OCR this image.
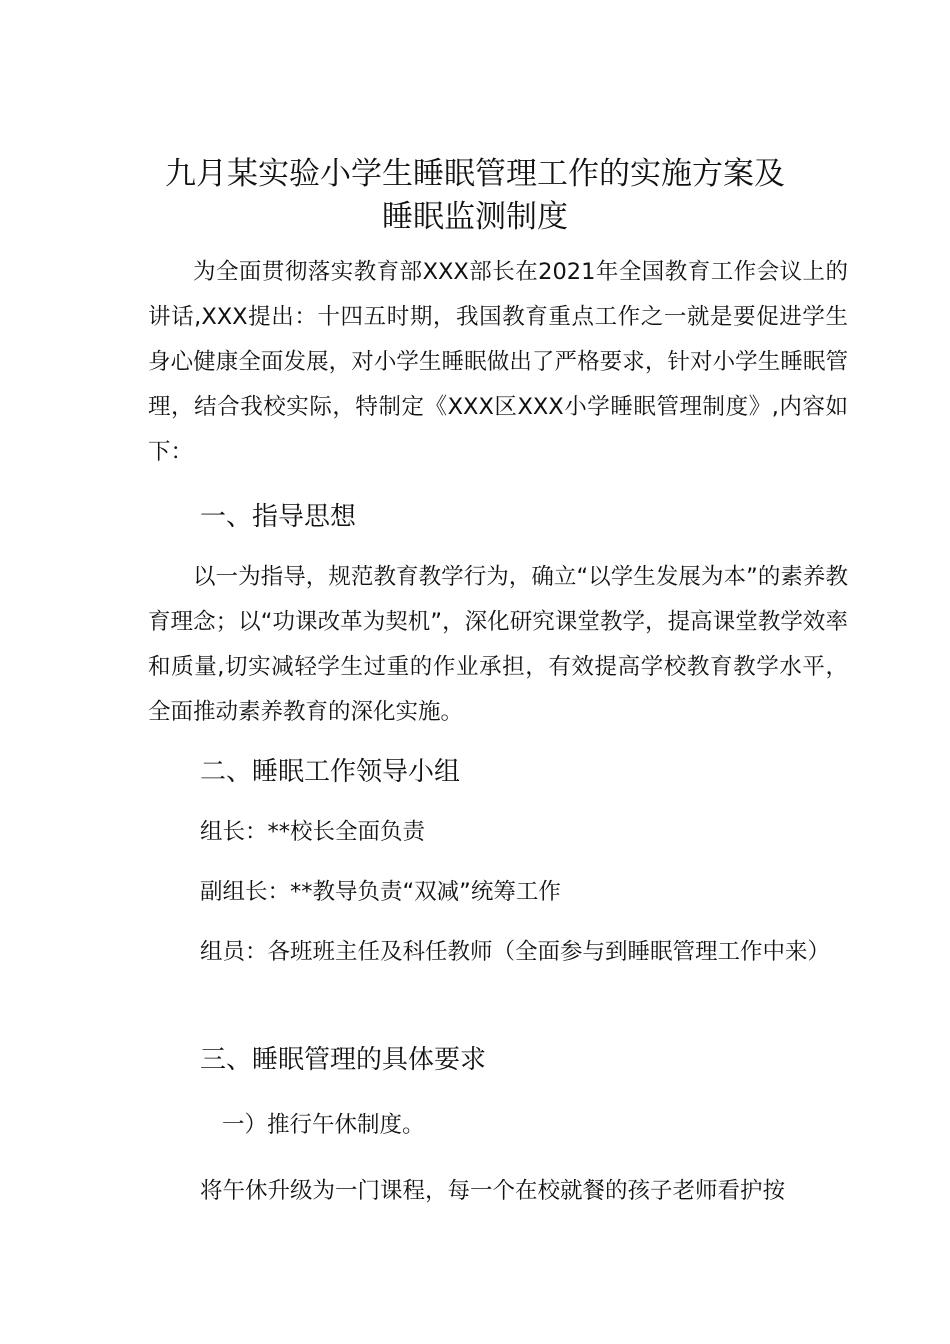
九月某实验小学生睡眠管理工作的实施方案及
睡眠监测制度

为全面贯彻落实教育部XXX部长在2021年全国教育工作会议上的讲话,XXX提出：十四五时期，我国教育重点工作之一就是要促进学生身心健康全面发展，对小学生睡眠做出了严格要求，针对小学生睡眠管理，结合我校实际，特制定《XXX区XXX小学睡眠管理制度》,内容如下：

一、指导思想

以一为指导，规范教育教学行为，确立“以学生发展为本”的素养教育理念；以“功课改革为契机”，深化研究课堂教学，提高课堂教学效率和质量,切实减轻学生过重的作业承担，有效提高学校教育教学水平，全面推动素养教育的深化实施。

二、睡眠工作领导小组

组长：**校长全面负责

副组长：**教导负责“双减”统筹工作

组员：各班班主任及科任教师（全面参与到睡眠管理工作中来）

三、睡眠管理的具体要求

一）推行午休制度。

将午休升级为一门课程，每一个在校就餐的孩子老师看护按
